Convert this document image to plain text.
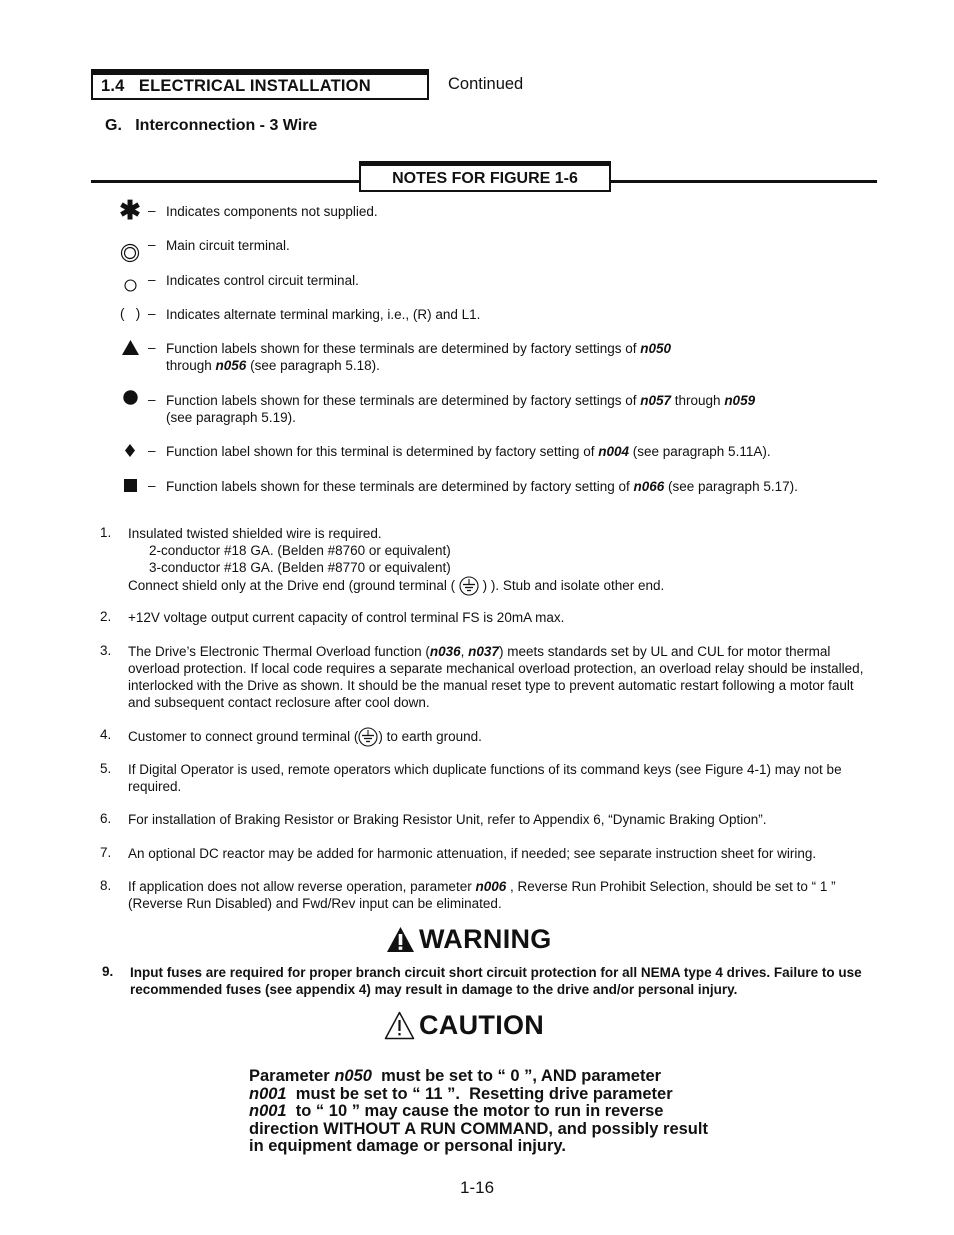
1.4   ELECTRICAL INSTALLATION	Continued
G.   Interconnection - 3 Wire
NOTES FOR FIGURE 1-6
✱ – Indicates components not supplied.
– Main circuit terminal.
– Indicates control circuit terminal.
(   ) – Indicates alternate terminal marking, i.e., (R) and L1.
– Function labels shown for these terminals are determined by factory settings of n050
through n056 (see paragraph 5.18).
– Function labels shown for these terminals are determined by factory settings of n057 through n059
(see paragraph 5.19).
– Function label shown for this terminal is determined by factory setting of n004 (see paragraph 5.11A).
– Function labels shown for these terminals are determined by factory setting of n066 (see paragraph 5.17).
1. Insulated twisted shielded wire is required.
2-conductor #18 GA. (Belden #8760 or equivalent)
3-conductor #18 GA. (Belden #8770 or equivalent)
Connect shield only at the Drive end (ground terminal (  ) ). Stub and isolate other end.
2. +12V voltage output current capacity of control terminal FS is 20mA max.
3. The Drive’s Electronic Thermal Overload function (n036, n037) meets standards set by UL and CUL for motor thermal overload protection. If local code requires a separate mechanical overload protection, an overload relay should be installed, interlocked with the Drive as shown. It should be the manual reset type to prevent automatic restart following a motor fault and subsequent contact reclosure after cool down.
4. Customer to connect ground terminal ( ) to earth ground.
5. If Digital Operator is used, remote operators which duplicate functions of its command keys (see Figure 4-1) may not be required.
6. For installation of Braking Resistor or Braking Resistor Unit, refer to Appendix 6, “Dynamic Braking Option”.
7. An optional DC reactor may be added for harmonic attenuation, if needed; see separate instruction sheet for wiring.
8. If application does not allow reverse operation, parameter n006 , Reverse Run Prohibit Selection, should be set to “ 1 ” (Reverse Run Disabled) and Fwd/Rev input can be eliminated.
WARNING
9. Input fuses are required for proper branch circuit short circuit protection for all NEMA type 4 drives. Failure to use recommended fuses (see appendix 4) may result in damage to the drive and/or personal injury.
CAUTION

Parameter n050  must be set to “ 0 ”, AND parameter
n001  must be set to “ 11 ”.  Resetting drive parameter
n001  to “ 10 ” may cause the motor to run in reverse
direction WITHOUT A RUN COMMAND, and possibly result
in equipment damage or personal injury.
1-16
